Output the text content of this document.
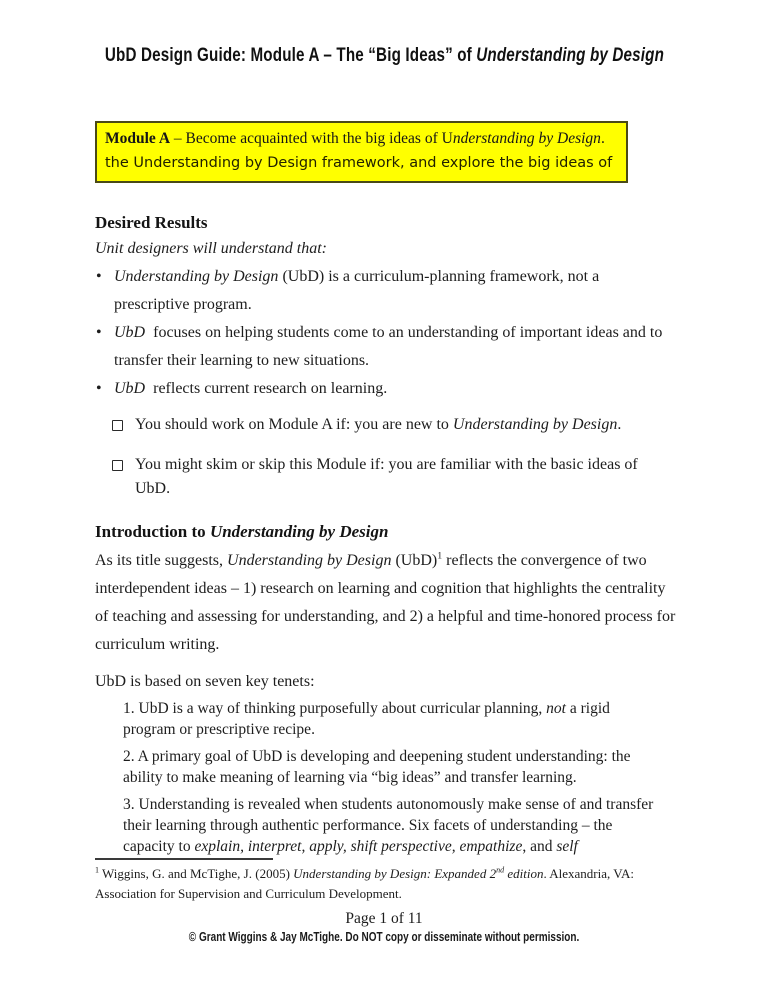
UbD Design Guide: Module A – The “Big Ideas” of Understanding by Design
Module A – Become acquainted with the big ideas of Understanding by Design.
the Understanding by Design framework, and explore the big ideas of
Desired Results
Unit designers will understand that:
• Understanding by Design (UbD) is a curriculum-planning framework, not a prescriptive program.
• UbD  focuses on helping students come to an understanding of important ideas and to transfer their learning to new situations.
• UbD  reflects current research on learning.
You should work on Module A if: you are new to Understanding by Design.
You might skim or skip this Module if: you are familiar with the basic ideas of UbD.
Introduction to Understanding by Design
As its title suggests, Understanding by Design (UbD)$^1$ reflects the convergence of two interdependent ideas – 1) research on learning and cognition that highlights the centrality of teaching and assessing for understanding, and 2) a helpful and time-honored process for curriculum writing.
UbD is based on seven key tenets:
1. UbD is a way of thinking purposefully about curricular planning, not a rigid program or prescriptive recipe.
2. A primary goal of UbD is developing and deepening student understanding: the ability to make meaning of learning via “big ideas” and transfer learning.
3. Understanding is revealed when students autonomously make sense of and transfer their learning through authentic performance. Six facets of understanding – the capacity to explain, interpret, apply, shift perspective, empathize, and self
$^1$ Wiggins, G. and McTighe, J. (2005) Understanding by Design: Expanded 2nd edition. Alexandria, VA: Association for Supervision and Curriculum Development.
Page 1 of 11
© Grant Wiggins & Jay McTighe. Do NOT copy or disseminate without permission.
